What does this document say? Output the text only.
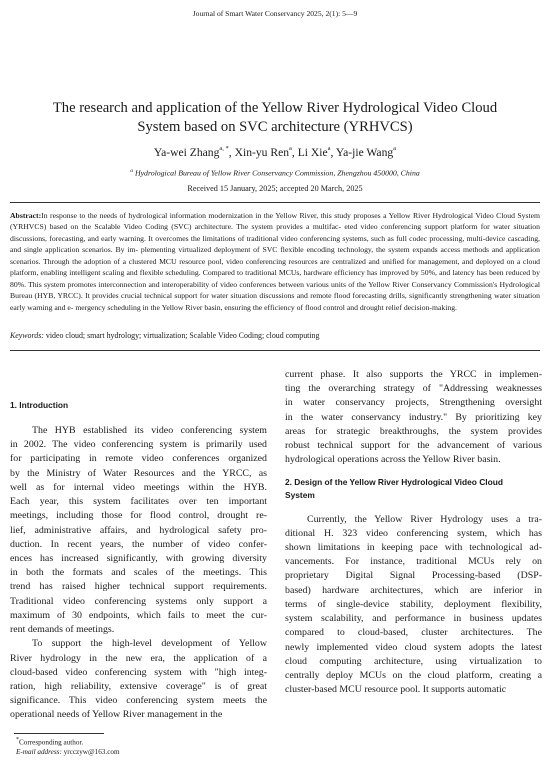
Journal of Smart Water Conservancy 2025, 2(1): 5—9
The research and application of the Yellow River Hydrological Video Cloud
System based on SVC architecture (YRHVCS)
Ya-wei Zhang$^{a, *}$, Xin-yu Ren$^a$, Li Xie$^a$, Ya-jie Wang$^a$
$^a$ Hydrological Bureau of Yellow River Conservancy Commission, Zhengzhou 450000, China
Received 15 January, 2025; accepted 20 March, 2025
Abstract:In response to the needs of hydrological information modernization in the Yellow River, this study proposes a Yellow River Hydrological Video Cloud System (YRHVCS) based on the Scalable Video Coding (SVC) architecture. The system provides a multifac- eted video conferencing support platform for water situation discussions, forecasting, and early warning. It overcomes the limitations of traditional video conferencing systems, such as full codec processing, multi-device cascading, and single application scenarios. By im- plementing virtualized deployment of SVC flexible encoding technology, the system expands access methods and application scenarios. Through the adoption of a clustered MCU resource pool, video conferencing resources are centralized and unified for management, and deployed on a cloud platform, enabling intelligent scaling and flexible scheduling. Compared to traditional MCUs, hardware efficiency has improved by 50%, and latency has been reduced by 80%. This system promotes interconnection and interoperability of video conferences between various units of the Yellow River Conservancy Commission's Hydrological Bureau (HYB, YRCC). It provides crucial technical support for water situation discussions and remote flood forecasting drills, significantly strengthening water situation early warning and e- mergency scheduling in the Yellow River basin, ensuring the efficiency of flood control and drought relief decision-making.
Keywords: video cloud; smart hydrology; virtualization; Scalable Video Coding; cloud computing
1. Introduction
The HYB established its video conferencing system
in 2002. The video conferencing system is primarily used
for participating in remote video conferences organized
by the Ministry of Water Resources and the YRCC, as
well as for internal video meetings within the HYB.
Each year, this system facilitates over ten important
meetings, including those for flood control, drought re-
lief, administrative affairs, and hydrological safety pro-
duction. In recent years, the number of video confer-
ences has increased significantly, with growing diversity
in both the formats and scales of the meetings. This
trend has raised higher technical support requirements.
Traditional video conferencing systems only support a
maximum of 30 endpoints, which fails to meet the cur-
rent demands of meetings.
To support the high-level development of Yellow
River hydrology in the new era, the application of a
cloud-based video conferencing system with "high integ-
ration, high reliability, extensive coverage" is of great
significance. This video conferencing system meets the
operational needs of Yellow River management in the
current phase. It also supports the YRCC in implemen-
ting the overarching strategy of "Addressing weaknesses
in water conservancy projects, Strengthening oversight
in the water conservancy industry." By prioritizing key
areas for strategic breakthroughs, the system provides
robust technical support for the advancement of various
hydrological operations across the Yellow River basin.
2. Design of the Yellow River Hydrological Video Cloud
System
Currently, the Yellow River Hydrology uses a tra-
ditional H. 323 video conferencing system, which has
shown limitations in keeping pace with technological ad-
vancements. For instance, traditional MCUs rely on
proprietary Digital Signal Processing-based (DSP-
based) hardware architectures, which are inferior in
terms of single-device stability, deployment flexibility,
system scalability, and performance in business updates
compared to cloud-based, cluster architectures. The
newly implemented video cloud system adopts the latest
cloud computing architecture, using virtualization to
centrally deploy MCUs on the cloud platform, creating a
cluster-based MCU resource pool. It supports automatic
*Corresponding author.
E-mail address: yrcczyw@163.com
